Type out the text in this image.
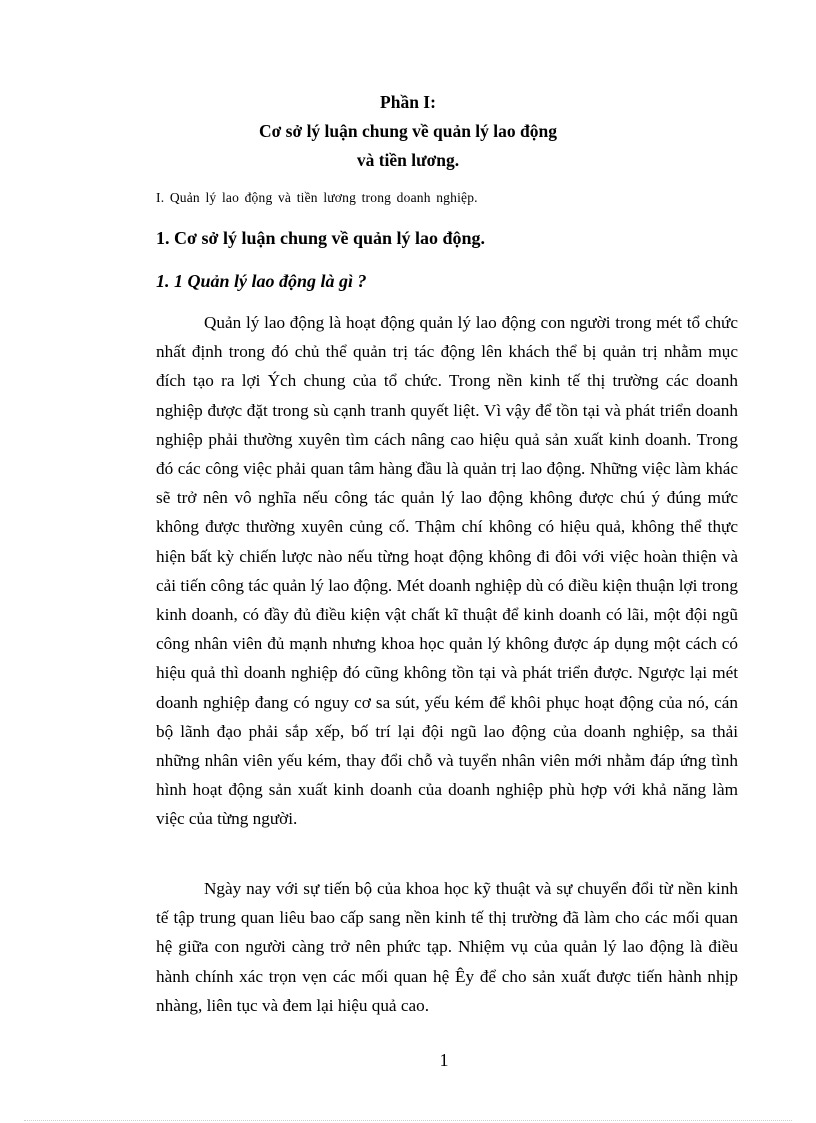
Phần I:
Cơ sở lý luận chung về quản lý lao động
và tiền lương.
I. Quản lý lao động và tiền lương trong doanh nghiệp.
1. Cơ sở lý luận chung về quản lý lao động.
1. 1 Quản lý lao động là gì ?

Quản lý lao động là hoạt động quản lý lao động con người trong mét tổ chức nhất định trong đó chủ thể quản trị tác động lên khách thể bị quản trị nhằm mục đích tạo ra lợi Ých chung của tổ chức. Trong nền kinh tế thị trường các doanh nghiệp được đặt trong sù cạnh tranh quyết liệt. Vì vậy để tồn tại và phát triển doanh nghiệp phải thường xuyên tìm cách nâng cao hiệu quả sản xuất kinh doanh. Trong đó các công việc phải quan tâm hàng đầu là quản trị lao động. Những việc làm khác sẽ trở nên vô nghĩa nếu công tác quản lý lao động không được chú ý đúng mức không được thường xuyên củng cố. Thậm chí không có hiệu quả, không thể thực hiện bất kỳ chiến lược nào nếu từng hoạt động không đi đôi với việc hoàn thiện và cải tiến công tác quản lý lao động. Mét doanh nghiệp dù có điều kiện thuận lợi trong kinh doanh, có đầy đủ điều kiện vật chất kĩ thuật để kinh doanh có lãi, một đội ngũ công nhân viên đủ mạnh nhưng khoa học quản lý không được áp dụng một cách có hiệu quả thì doanh nghiệp đó cũng không tồn tại và phát triển được. Ngược lại mét doanh nghiệp đang có nguy cơ sa sút, yếu kém để khôi phục hoạt động của nó, cán bộ lãnh đạo phải sắp xếp, bố trí lại đội ngũ lao động của doanh nghiệp, sa thải những nhân viên yếu kém, thay đổi chỗ và tuyển nhân viên mới nhằm đáp ứng tình hình hoạt động sản xuất kinh doanh của doanh nghiệp phù hợp với khả năng làm việc của từng người.

Ngày nay với sự tiến bộ của khoa học kỹ thuật và sự chuyển đổi từ nền kinh tế tập trung quan liêu bao cấp sang nền kinh tế thị trường đã làm cho các mối quan hệ giữa con người càng trở nên phức tạp. Nhiệm vụ của quản lý lao động là điều hành chính xác trọn vẹn các mối quan hệ Êy để cho sản xuất được tiến hành nhịp nhàng, liên tục và đem lại hiệu quả cao.

1
